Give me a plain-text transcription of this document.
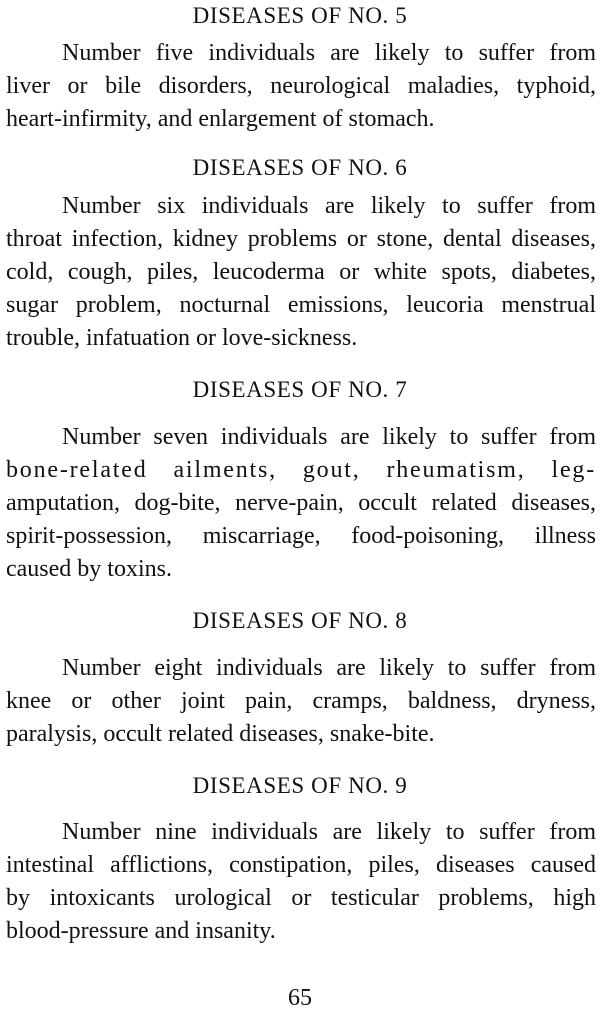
DISEASES OF NO. 5
Number five individuals are likely to suffer from
liver or bile disorders, neurological maladies, typhoid,
heart-infirmity, and enlargement of stomach.
DISEASES OF NO. 6
Number six individuals are likely to suffer from
throat infection, kidney problems or stone, dental diseases,
cold, cough, piles, leucoderma or white spots, diabetes,
sugar problem, nocturnal emissions, leucoria menstrual
trouble, infatuation or love-sickness.
DISEASES OF NO. 7
Number seven individuals are likely to suffer from
bone-related ailments, gout, rheumatism, leg-
amputation, dog-bite, nerve-pain, occult related diseases,
spirit-possession, miscarriage, food-poisoning, illness
caused by toxins.
DISEASES OF NO. 8
Number eight individuals are likely to suffer from
knee or other joint pain, cramps, baldness, dryness,
paralysis, occult related diseases, snake-bite.
DISEASES OF NO. 9
Number nine individuals are likely to suffer from
intestinal afflictions, constipation, piles, diseases caused
by intoxicants urological or testicular problems, high
blood-pressure and insanity.
65
